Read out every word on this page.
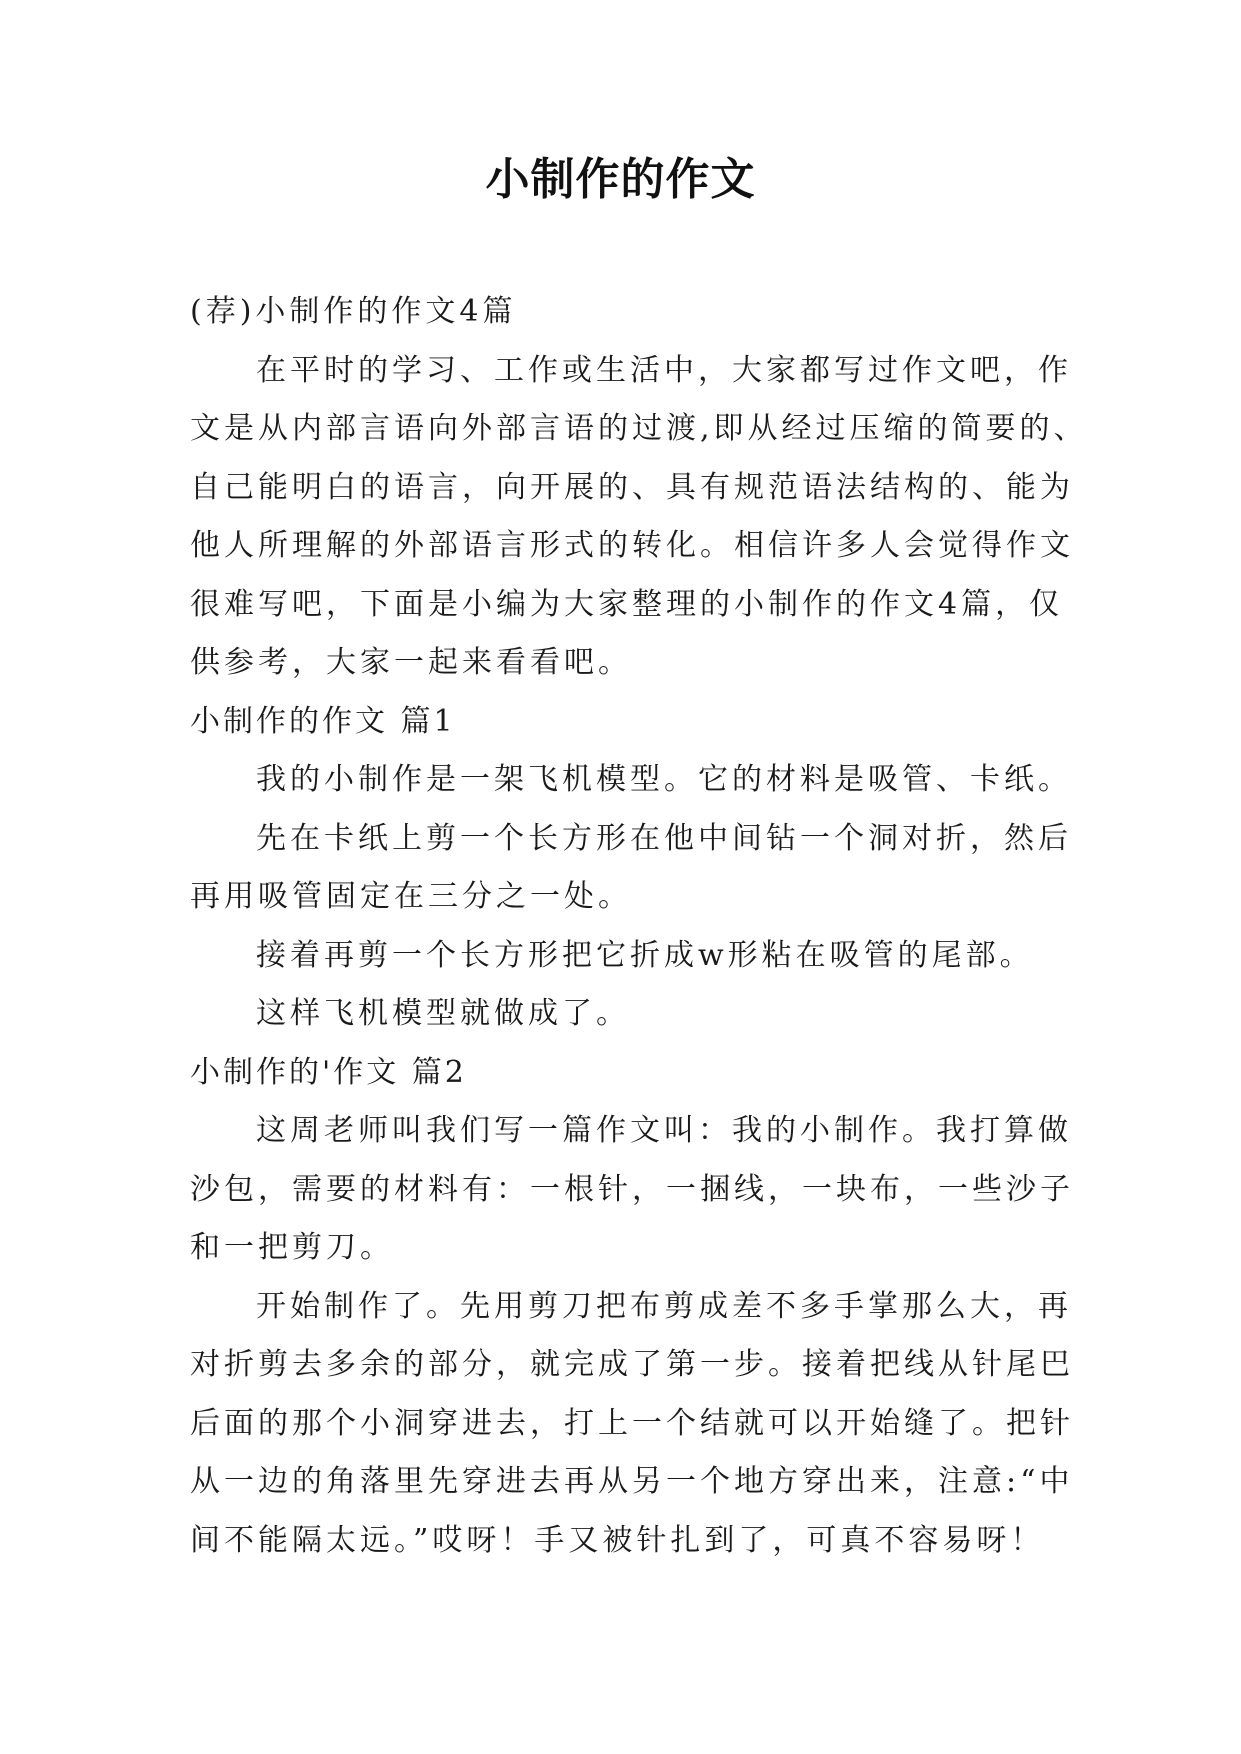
小制作的作文
(荐)小制作的作文4篇
在平时的学习、工作或生活中，大家都写过作文吧，作
文是从内部言语向外部言语的过渡,即从经过压缩的简要的、
自己能明白的语言，向开展的、具有规范语法结构的、能为
他人所理解的外部语言形式的转化。相信许多人会觉得作文
很难写吧，下面是小编为大家整理的小制作的作文4篇，仅
供参考，大家一起来看看吧。
小制作的作文 篇1
我的小制作是一架飞机模型。它的材料是吸管、卡纸。
先在卡纸上剪一个长方形在他中间钻一个洞对折，然后
再用吸管固定在三分之一处。
接着再剪一个长方形把它折成w形粘在吸管的尾部。
这样飞机模型就做成了。
小制作的'作文 篇2
这周老师叫我们写一篇作文叫：我的小制作。我打算做
沙包，需要的材料有：一根针，一捆线，一块布，一些沙子
和一把剪刀。
开始制作了。先用剪刀把布剪成差不多手掌那么大，再
对折剪去多余的部分，就完成了第一步。接着把线从针尾巴
后面的那个小洞穿进去，打上一个结就可以开始缝了。把针
从一边的角落里先穿进去再从另一个地方穿出来，注意:“中
间不能隔太远。”哎呀！手又被针扎到了，可真不容易呀！
